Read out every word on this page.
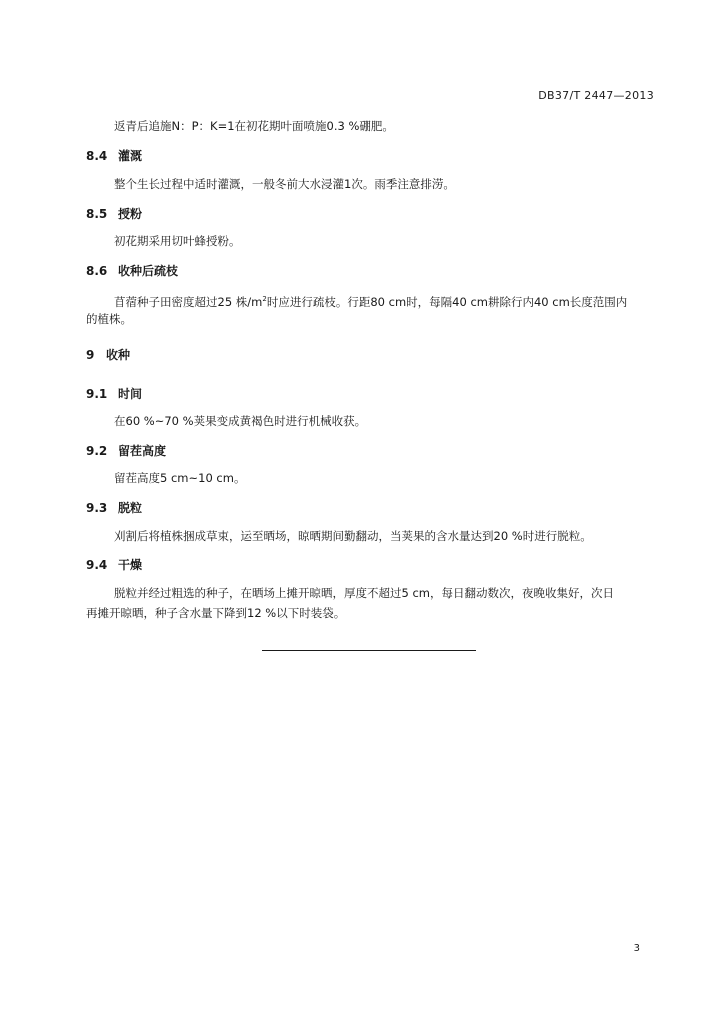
DB37/T 2447—2013
返青后追施N：P：K=1在初花期叶面喷施0.3 %硼肥。
8.4 灌溉
整个生长过程中适时灌溉，一般冬前大水浸灌1次。雨季注意排涝。
8.5 授粉
初花期采用切叶蜂授粉。
8.6 收种后疏枝
苜蓿种子田密度超过25 株$/m^2$时应进行疏枝。行距80 cm时，每隔40 cm耕除行内40 cm长度范围内
的植株。
9 收种
9.1 时间
在60 %~70 %荚果变成黄褐色时进行机械收获。
9.2 留茬高度
留茬高度5 cm~10 cm。
9.3 脱粒
刈割后将植株捆成草束，运至晒场，晾晒期间勤翻动，当荚果的含水量达到20 %时进行脱粒。
9.4 干燥
脱粒并经过粗选的种子，在晒场上摊开晾晒，厚度不超过5 cm，每日翻动数次，夜晚收集好，次日
再摊开晾晒，种子含水量下降到12 %以下时装袋。
3
